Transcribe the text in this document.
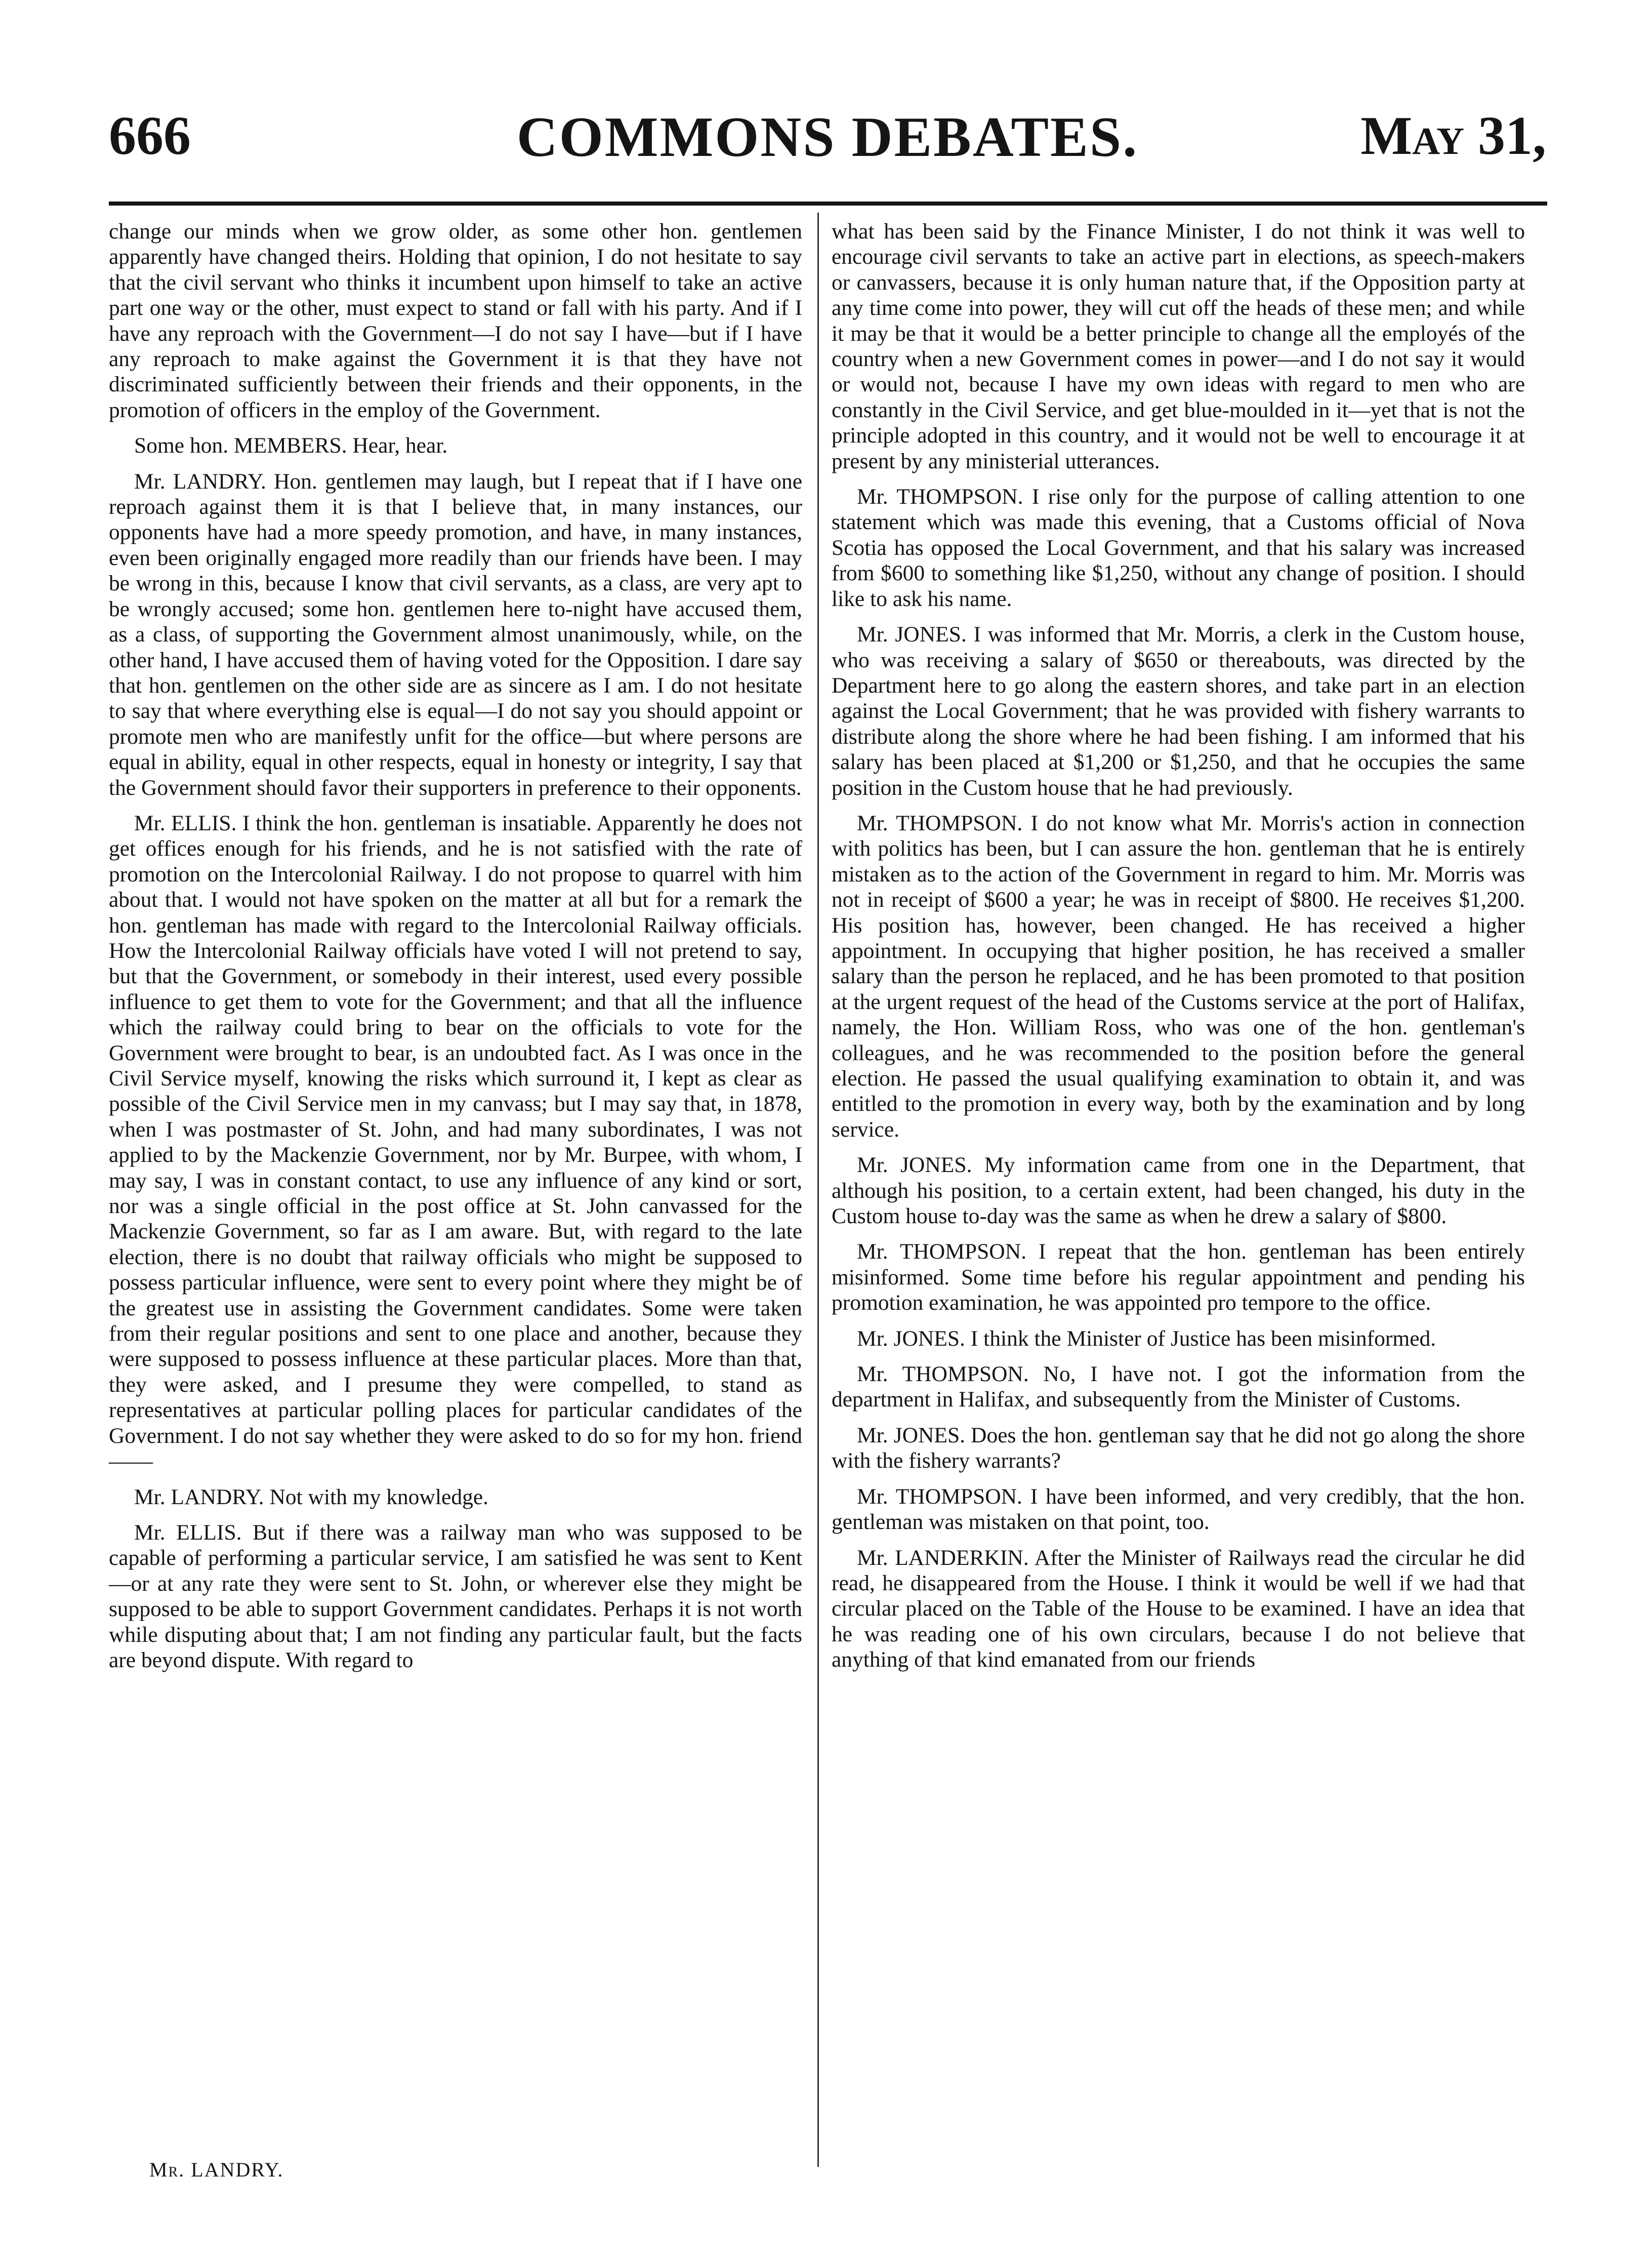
666	COMMONS DEBATES.	May 31,

change our minds when we grow older, as some other hon. gentlemen apparently have changed theirs. Holding that opinion, I do not hesitate to say that the civil servant who thinks it incumbent upon himself to take an active part one way or the other, must expect to stand or fall with his party. And if I have any reproach with the Government—I do not say I have—but if I have any reproach to make against the Government it is that they have not discriminated sufficiently between their friends and their opponents, in the promotion of officers in the employ of the Government.

Some hon. MEMBERS. Hear, hear.

Mr. LANDRY. Hon. gentlemen may laugh, but I repeat that if I have one reproach against them it is that I believe that, in many instances, our opponents have had a more speedy promotion, and have, in many instances, even been originally engaged more readily than our friends have been. I may be wrong in this, because I know that civil servants, as a class, are very apt to be wrongly accused; some hon. gentlemen here to-night have accused them, as a class, of supporting the Government almost unanimously, while, on the other hand, I have accused them of having voted for the Opposition. I dare say that hon. gentlemen on the other side are as sincere as I am. I do not hesitate to say that where everything else is equal—I do not say you should appoint or promote men who are manifestly unfit for the office—but where persons are equal in ability, equal in other respects, equal in honesty or integrity, I say that the Government should favor their supporters in preference to their opponents.

Mr. ELLIS. I think the hon. gentleman is insatiable. Apparently he does not get offices enough for his friends, and he is not satisfied with the rate of promotion on the Intercolonial Railway. I do not propose to quarrel with him about that. I would not have spoken on the matter at all but for a remark the hon. gentleman has made with regard to the Intercolonial Railway officials. How the Intercolonial Railway officials have voted I will not pretend to say, but that the Government, or somebody in their interest, used every possible influence to get them to vote for the Government; and that all the influence which the railway could bring to bear on the officials to vote for the Government were brought to bear, is an undoubted fact. As I was once in the Civil Service myself, knowing the risks which surround it, I kept as clear as possible of the Civil Service men in my canvass; but I may say that, in 1878, when I was postmaster of St. John, and had many subordinates, I was not applied to by the Mackenzie Government, nor by Mr. Burpee, with whom, I may say, I was in constant contact, to use any influence of any kind or sort, nor was a single official in the post office at St. John canvassed for the Mackenzie Government, so far as I am aware. But, with regard to the late election, there is no doubt that railway officials who might be supposed to possess particular influence, were sent to every point where they might be of the greatest use in assisting the Government candidates. Some were taken from their regular positions and sent to one place and another, because they were supposed to possess influence at these particular places. More than that, they were asked, and I presume they were compelled, to stand as representatives at particular polling places for particular candidates of the Government. I do not say whether they were asked to do so for my hon. friend——

Mr. LANDRY. Not with my knowledge.

Mr. ELLIS. But if there was a railway man who was supposed to be capable of performing a particular service, I am satisfied he was sent to Kent—or at any rate they were sent to St. John, or wherever else they might be supposed to be able to support Government candidates. Perhaps it is not worth while disputing about that; I am not finding any particular fault, but the facts are beyond dispute. With regard to

what has been said by the Finance Minister, I do not think it was well to encourage civil servants to take an active part in elections, as speech-makers or canvassers, because it is only human nature that, if the Opposition party at any time come into power, they will cut off the heads of these men; and while it may be that it would be a better principle to change all the employés of the country when a new Government comes in power—and I do not say it would or would not, because I have my own ideas with regard to men who are constantly in the Civil Service, and get blue-moulded in it—yet that is not the principle adopted in this country, and it would not be well to encourage it at present by any ministerial utterances.

Mr. THOMPSON. I rise only for the purpose of calling attention to one statement which was made this evening, that a Customs official of Nova Scotia has opposed the Local Government, and that his salary was increased from $600 to something like $1,250, without any change of position. I should like to ask his name.

Mr. JONES. I was informed that Mr. Morris, a clerk in the Custom house, who was receiving a salary of $650 or thereabouts, was directed by the Department here to go along the eastern shores, and take part in an election against the Local Government; that he was provided with fishery warrants to distribute along the shore where he had been fishing. I am informed that his salary has been placed at $1,200 or $1,250, and that he occupies the same position in the Custom house that he had previously.

Mr. THOMPSON. I do not know what Mr. Morris's action in connection with politics has been, but I can assure the hon. gentleman that he is entirely mistaken as to the action of the Government in regard to him. Mr. Morris was not in receipt of $600 a year; he was in receipt of $800. He receives $1,200. His position has, however, been changed. He has received a higher appointment. In occupying that higher position, he has received a smaller salary than the person he replaced, and he has been promoted to that position at the urgent request of the head of the Customs service at the port of Halifax, namely, the Hon. William Ross, who was one of the hon. gentleman's colleagues, and he was recommended to the position before the general election. He passed the usual qualifying examination to obtain it, and was entitled to the promotion in every way, both by the examination and by long service.

Mr. JONES. My information came from one in the Department, that although his position, to a certain extent, had been changed, his duty in the Custom house to-day was the same as when he drew a salary of $800.

Mr. THOMPSON. I repeat that the hon. gentleman has been entirely misinformed. Some time before his regular appointment and pending his promotion examination, he was appointed pro tempore to the office.

Mr. JONES. I think the Minister of Justice has been misinformed.

Mr. THOMPSON. No, I have not. I got the information from the department in Halifax, and subsequently from the Minister of Customs.

Mr. JONES. Does the hon. gentleman say that he did not go along the shore with the fishery warrants?

Mr. THOMPSON. I have been informed, and very credibly, that the hon. gentleman was mistaken on that point, too.

Mr. LANDERKIN. After the Minister of Railways read the circular he did read, he disappeared from the House. I think it would be well if we had that circular placed on the Table of the House to be examined. I have an idea that he was reading one of his own circulars, because I do not believe that anything of that kind emanated from our friends

Mr. LANDRY.
